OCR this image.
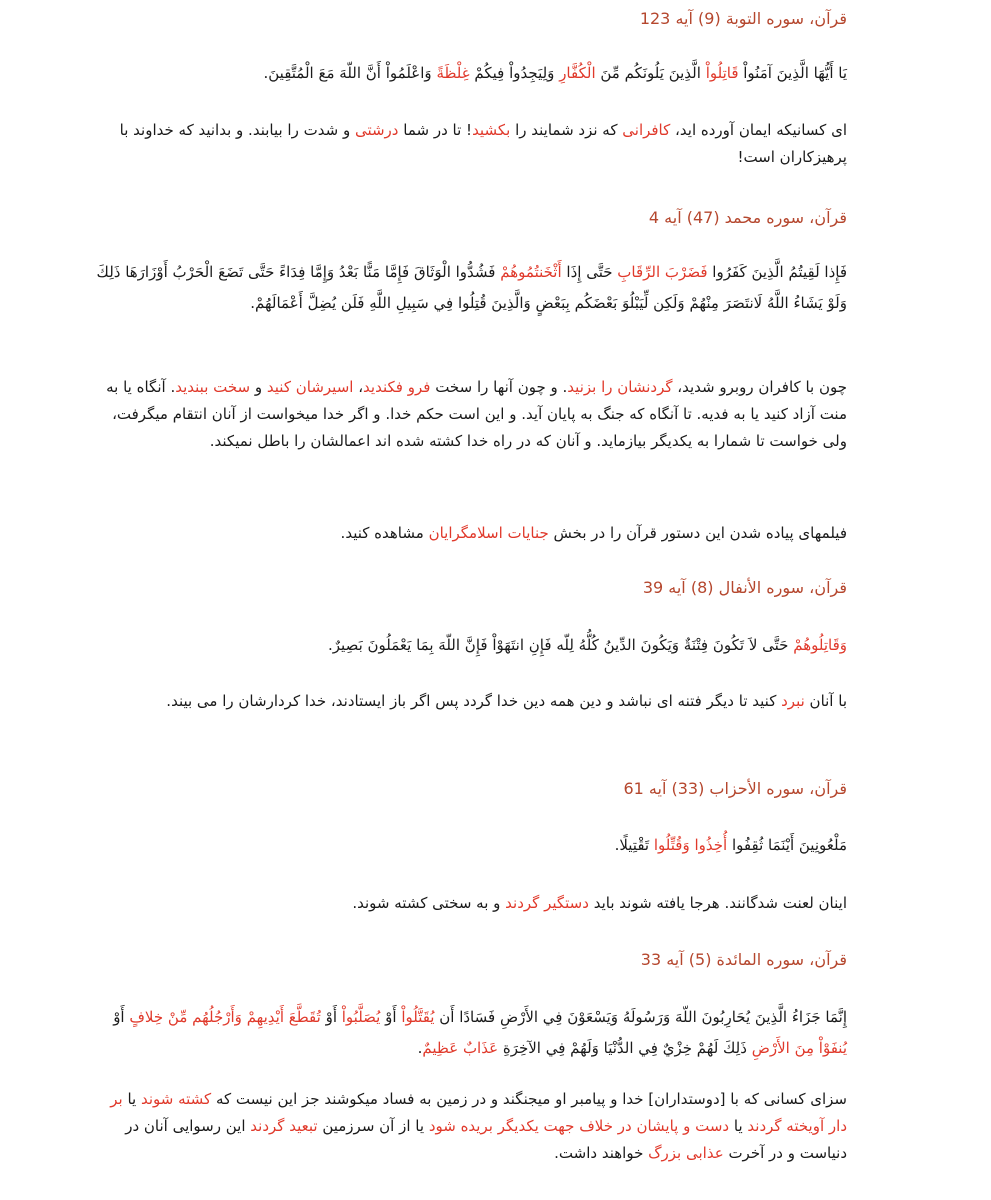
قرآن، سوره التوبة (9) آیه 123

يَا أَيُّهَا الَّذِينَ آمَنُواْ قَاتِلُواْ الَّذِينَ يَلُونَكُم مِّنَ الْكُفَّارِ وَلِيَجِدُواْ فِيكُمْ غِلْظَةً وَاعْلَمُواْ أَنَّ اللّهَ مَعَ الْمُتَّقِينَ.

ای کسانیکه ایمان آورده اید، کافرانی که نزد شمایند را بکشید! تا در شما درشتی و شدت را بیابند. و بدانید که خداوند با پرهیزکاران است!

قرآن، سوره محمد (47) آیه 4

فَإِذا لَقِيتُمُ الَّذِينَ كَفَرُوا فَضَرْبَ الرِّقَابِ حَتَّى إِذَا أَثْخَنتُمُوهُمْ فَشُدُّوا الْوَثَاقَ فَإِمَّا مَنًّا بَعْدُ وَإِمَّا فِدَاءً حَتَّى تَضَعَ الْحَرْبُ أَوْزَارَهَا ذَلِكَ وَلَوْ يَشَاءُ اللَّهُ لَانتَصَرَ مِنْهُمْ وَلَكِن لِّيَبْلُوَ بَعْضَكُم بِبَعْضٍ وَالَّذِينَ قُتِلُوا فِي سَبِيلِ اللَّهِ فَلَن يُضِلَّ أَعْمَالَهُمْ.

چون با کافران روبرو شدید، گردنشان را بزنید. و چون آنها را سخت فرو فکندید، اسیرشان کنید و سخت ببندید. آنگاه یا به منت آزاد کنید یا به فدیه. تا آنگاه که جنگ به پایان آید. و این است حکم خدا. و اگر خدا میخواست از آنان انتقام میگرفت، ولی خواست تا شمارا به یکدیگر بیازماید. و آنان که در راه خدا کشته شده اند اعمالشان را باطل نمیکند.

فیلمهای پیاده شدن این دستور قرآن را در بخش جنایات اسلامگرایان مشاهده کنید.

قرآن، سوره الأنفال (8) آیه 39

وَقَاتِلُوهُمْ حَتَّى لاَ تَكُونَ فِتْنَةٌ وَيَكُونَ الدِّينُ كُلُّهُ لِلّه فَإِنِ انتَهَوْاْ فَإِنَّ اللّهَ بِمَا يَعْمَلُونَ بَصِيرٌ.

با آنان نبرد کنید تا دیگر فتنه ای نباشد و دین همه دین خدا گردد پس اگر باز ایستادند، خدا کردارشان را می بیند.

قرآن، سوره الأحزاب (33) آیه 61

مَلْعُونِينَ أَيْنَمَا ثُقِفُوا أُخِذُوا وَقُتِّلُوا تَقْتِيلًا.

اینان لعنت شدگانند. هرجا یافته شوند باید دستگیر گردند و به سختی کشته شوند.

قرآن، سوره المائدة (5) آیه 33

إِنَّمَا جَزَاءُ الَّذِينَ يُحَارِبُونَ اللّهَ وَرَسُولَهُ وَيَسْعَوْنَ فِي الأَرْضِ فَسَادًا أَن يُقَتَّلُواْ أَوْ يُصَلَّبُواْ أَوْ تُقَطَّعَ أَيْدِيهِمْ وَأَرْجُلُهُم مِّنْ خِلافٍ أَوْ يُنفَوْاْ مِنَ الأَرْضِ ذَلِكَ لَهُمْ خِزْيٌ فِي الدُّنْيَا وَلَهُمْ فِي الآخِرَةِ عَذَابٌ عَظِيمٌ.

سزای کسانی که با [دوستداران] خدا و پیامبر او میجنگند و در زمین به فساد میکوشند جز این نیست که کشته شوند یا بر دار آویخته گردند یا دست و پایشان در خلاف جهت یکدیگر بریده شود یا از آن سرزمین تبعید گردند این رسوایی آنان در دنیاست و در آخرت عذابی بزرگ خواهند داشت.
